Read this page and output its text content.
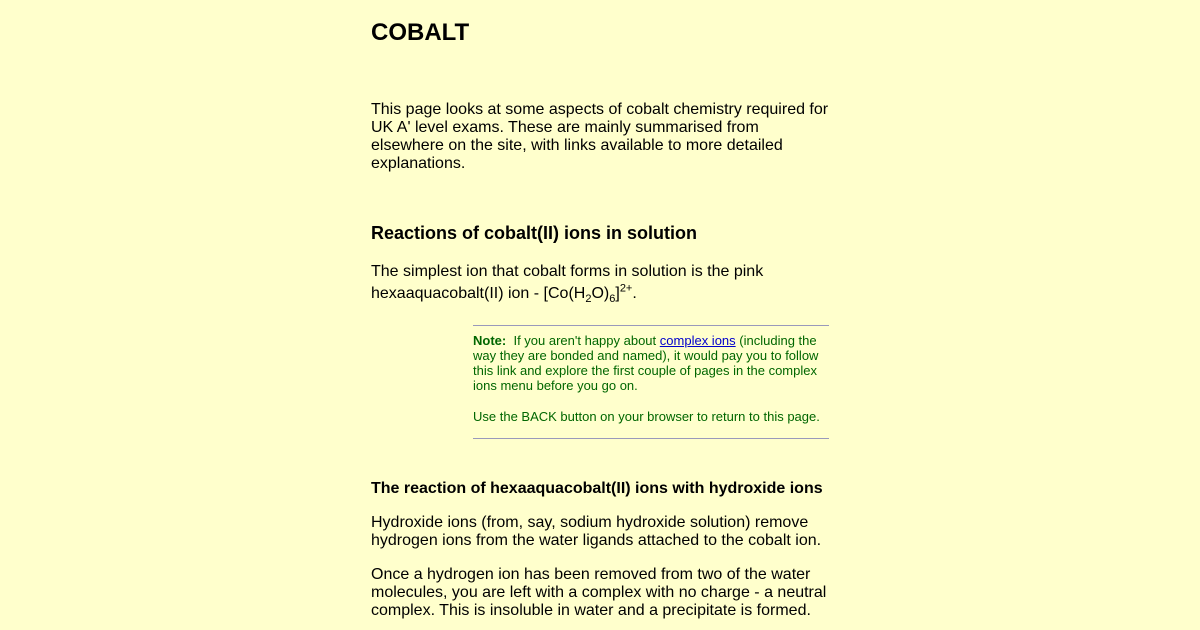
COBALT

This page looks at some aspects of cobalt chemistry required for UK A' level exams. These are mainly summarised from elsewhere on the site, with links available to more detailed explanations.

Reactions of cobalt(II) ions in solution

The simplest ion that cobalt forms in solution is the pink hexaaquacobalt(II) ion - $[Co(H_2O)_6]^{2+}$.

Note: If you aren't happy about complex ions (including the way they are bonded and named), it would pay you to follow this link and explore the first couple of pages in the complex ions menu before you go on.

Use the BACK button on your browser to return to this page.

The reaction of hexaaquacobalt(II) ions with hydroxide ions

Hydroxide ions (from, say, sodium hydroxide solution) remove hydrogen ions from the water ligands attached to the cobalt ion.

Once a hydrogen ion has been removed from two of the water molecules, you are left with a complex with no charge - a neutral complex. This is insoluble in water and a precipitate is formed.
